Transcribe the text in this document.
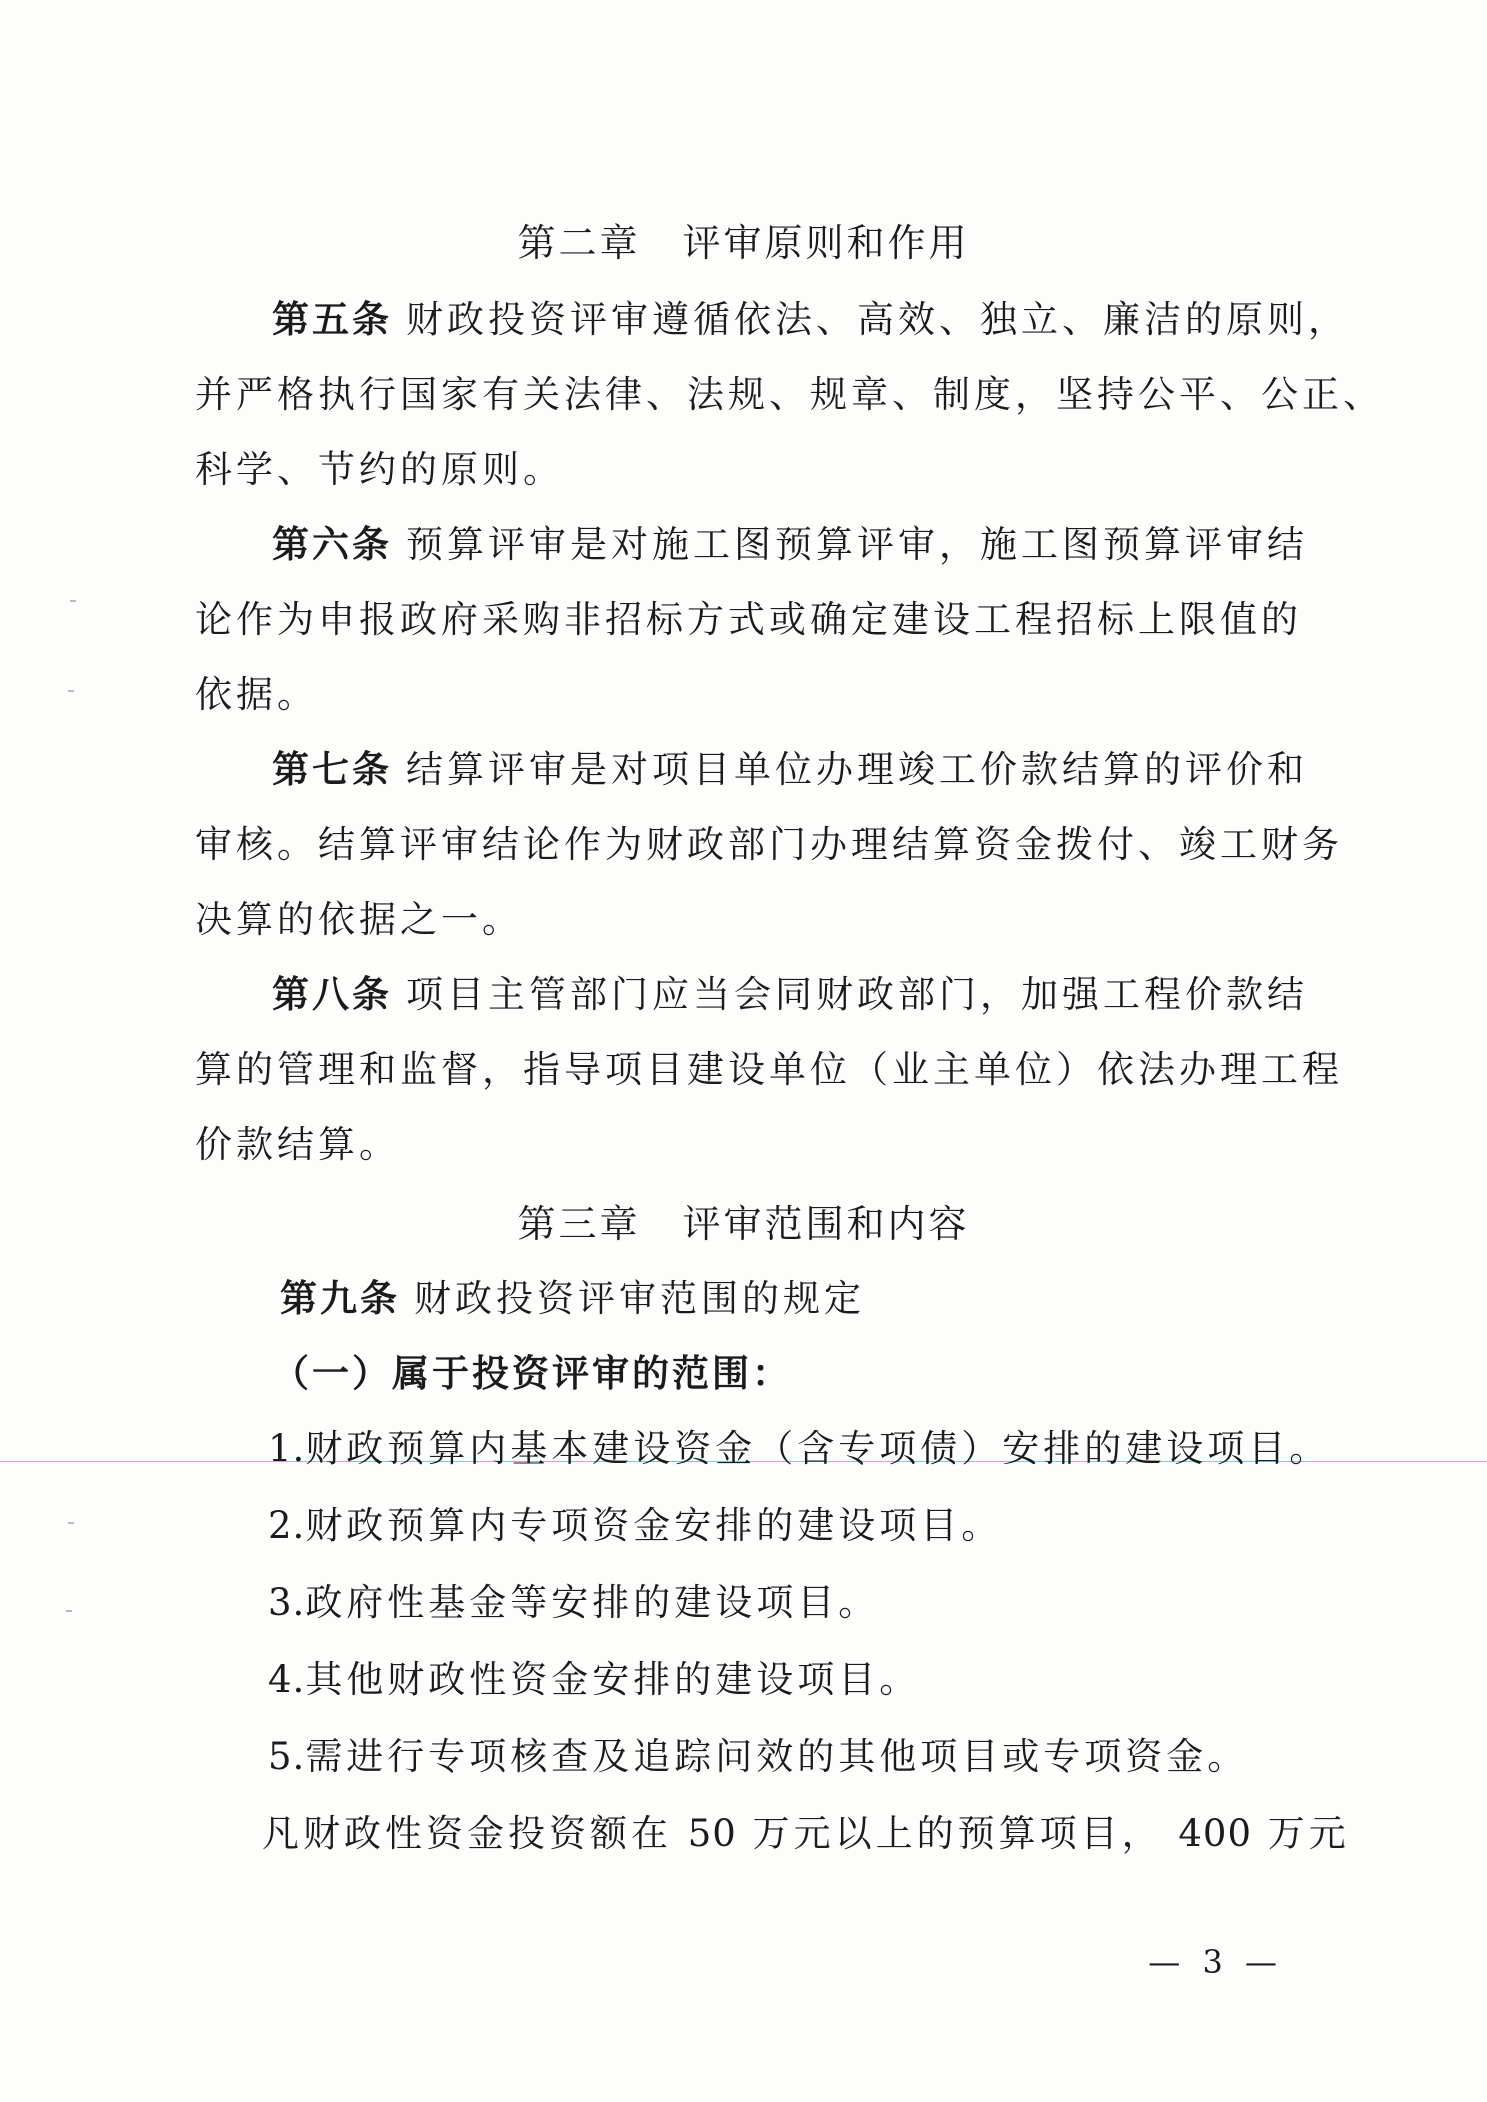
第二章 评审原则和作用
第五条 财政投资评审遵循依法、高效、独立、廉洁的原则，
并严格执行国家有关法律、法规、规章、制度，坚持公平、公正、
科学、节约的原则。
第六条 预算评审是对施工图预算评审，施工图预算评审结
论作为申报政府采购非招标方式或确定建设工程招标上限值的
依据。
第七条 结算评审是对项目单位办理竣工价款结算的评价和
审核。结算评审结论作为财政部门办理结算资金拨付、竣工财务
决算的依据之一。
第八条 项目主管部门应当会同财政部门，加强工程价款结
算的管理和监督，指导项目建设单位（业主单位）依法办理工程
价款结算。
第三章 评审范围和内容
第九条 财政投资评审范围的规定
（一）属于投资评审的范围：
1.财政预算内基本建设资金（含专项债）安排的建设项目。
2.财政预算内专项资金安排的建设项目。
3.政府性基金等安排的建设项目。
4.其他财政性资金安排的建设项目。
5.需进行专项核查及追踪问效的其他项目或专项资金。
凡财政性资金投资额在 50 万元以上的预算项目， 400 万元
— 3 —
